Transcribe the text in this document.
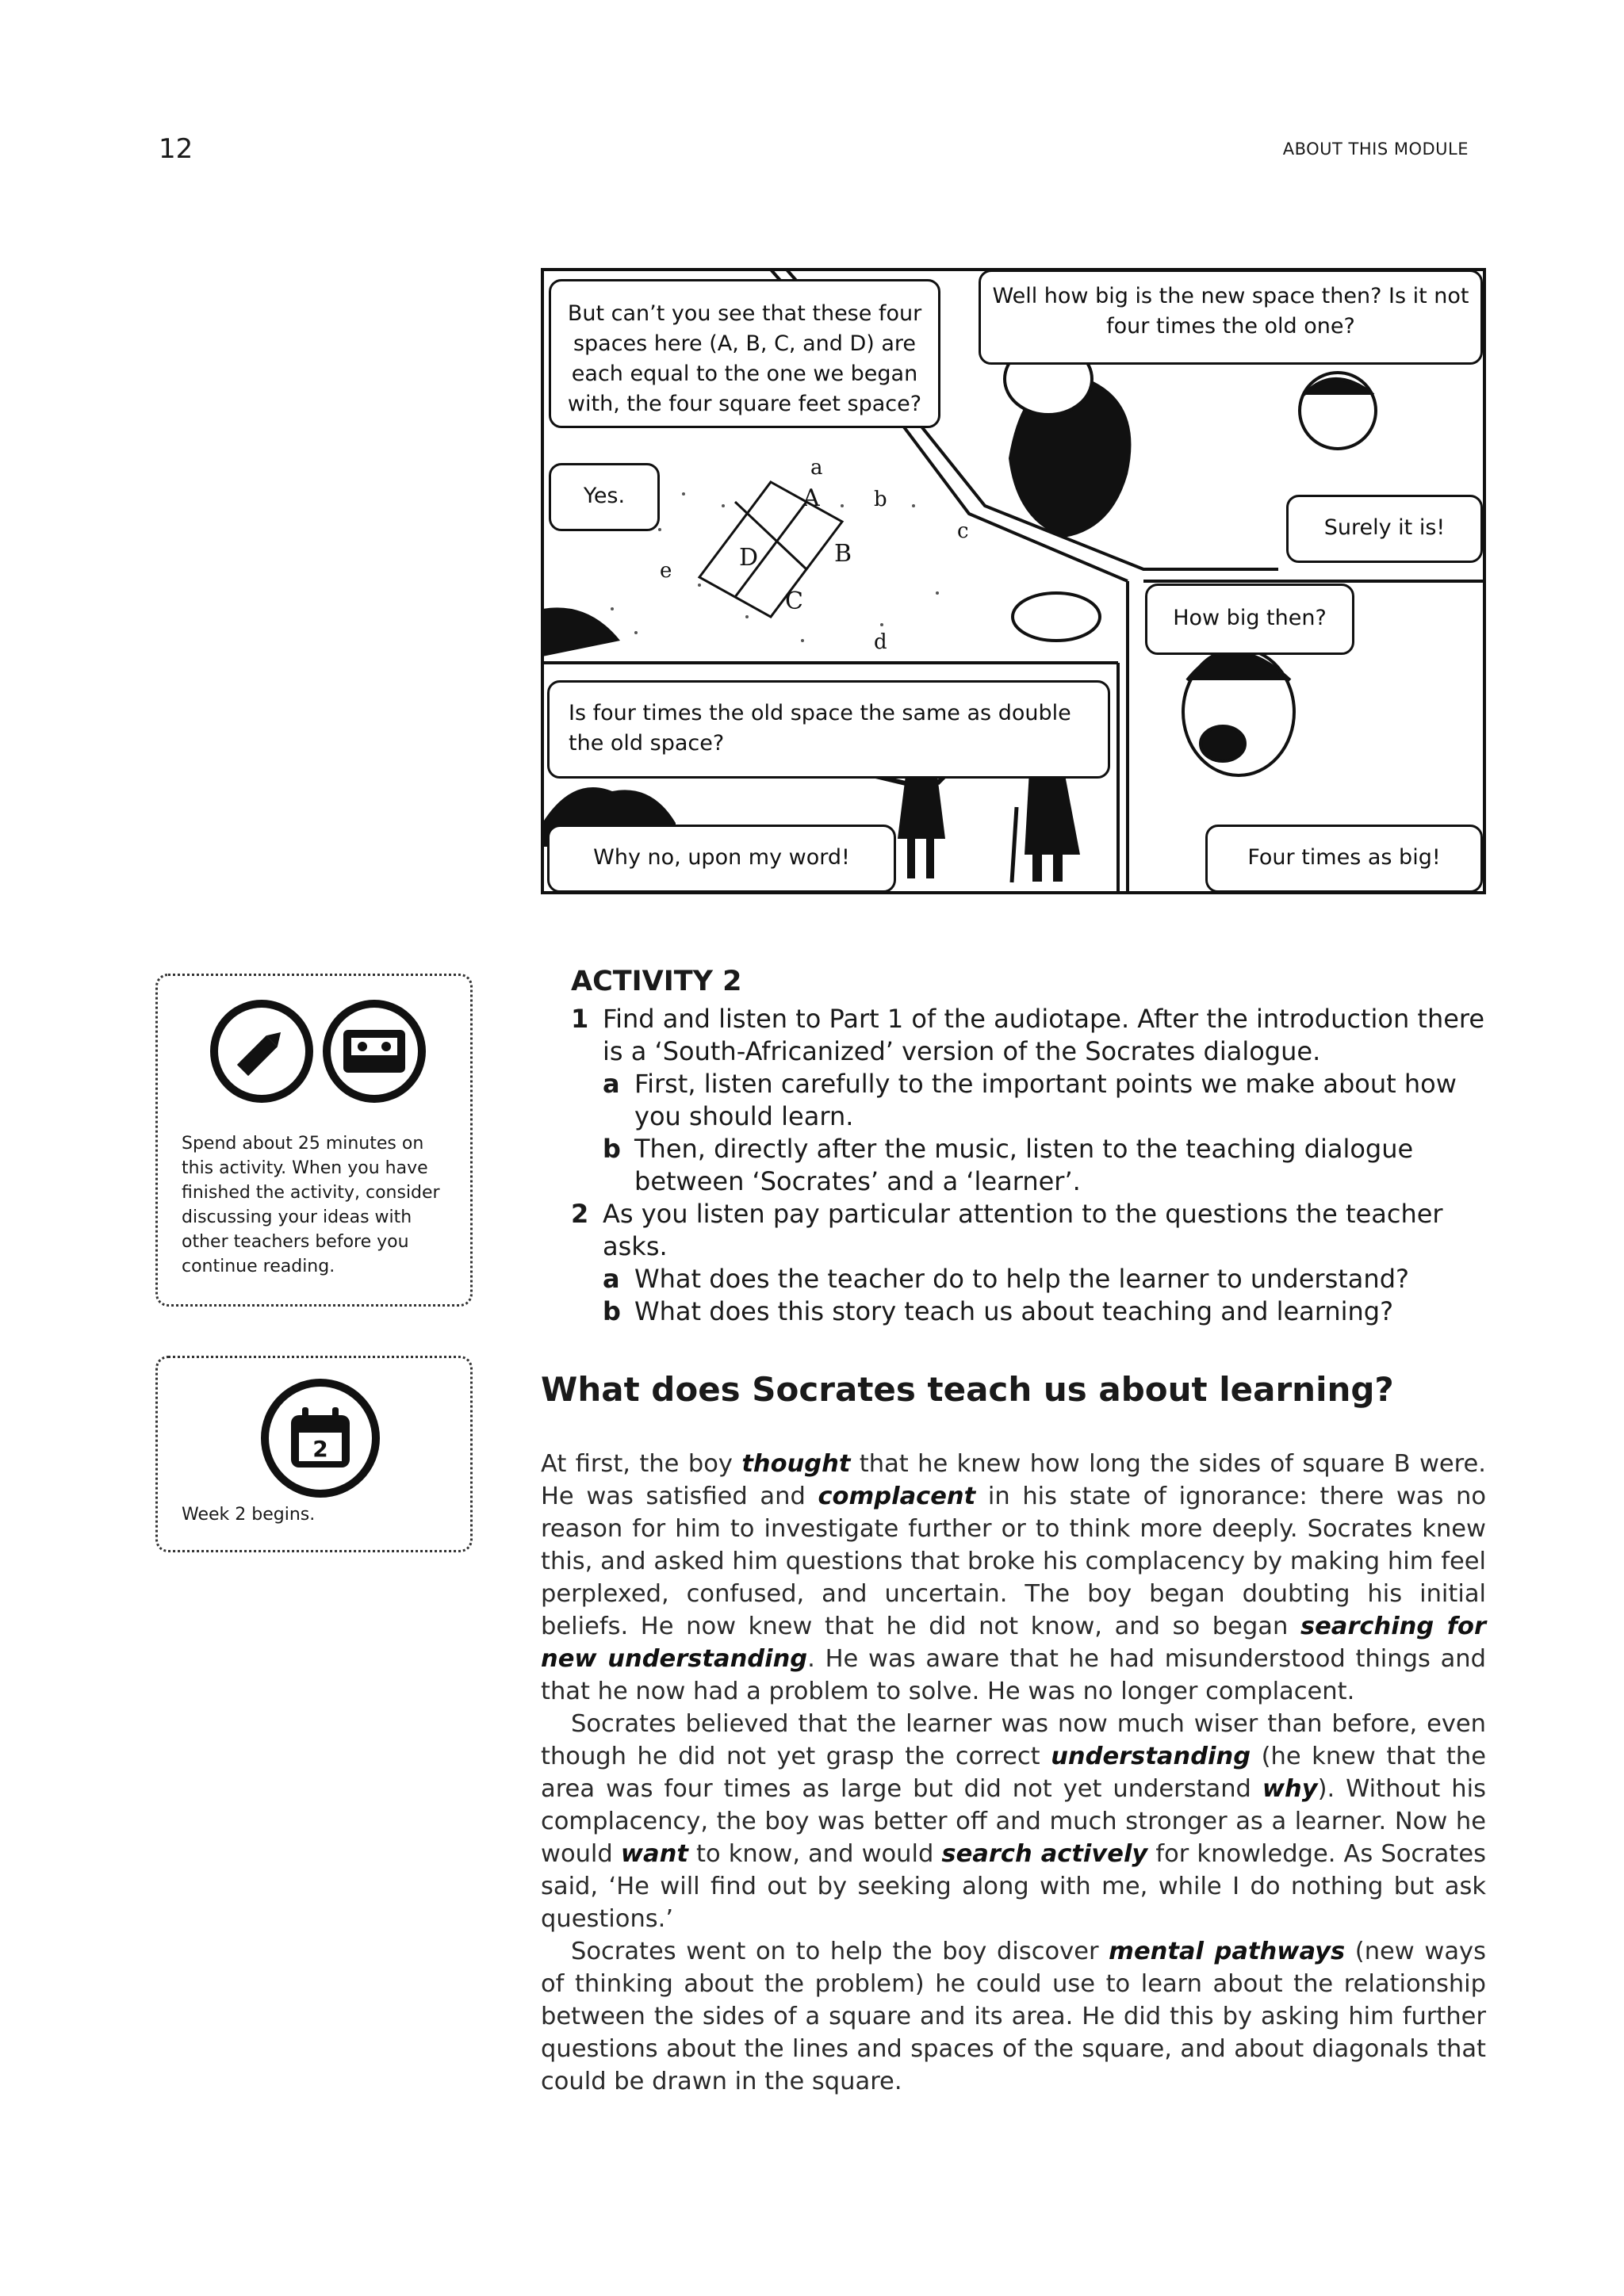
12	ABOUT THIS MODULE
A
B
C
D
a
b
c
d
e
But can’t you see that these four spaces here (A, B, C, and D) are each equal to the one we began with, the four square feet space?
Well how big is the new space then? Is it not four times the old one?
Yes.
Surely it is!
How big then?
Is four times the old space the same as double the old space?
Why no, upon my word!	Four times as big!
Spend about 25 minutes on this activity. When you have finished the activity, consider discussing your ideas with other teachers before you continue reading.
2
Week 2 begins.
ACTIVITY 2
1 Find and listen to Part 1 of the audiotape. After the introduction there is a ‘South-Africanized’ version of the Socrates dialogue.
a First, listen carefully to the important points we make about how you should learn.
b Then, directly after the music, listen to the teaching dialogue between ‘Socrates’ and a ‘learner’.
2 As you listen pay particular attention to the questions the teacher asks.
a What does the teacher do to help the learner to understand?
b What does this story teach us about teaching and learning?
What does Socrates teach us about learning?

At first, the boy thought that he knew how long the sides of square B were. He was satisfied and complacent in his state of ignorance: there was no reason for him to investigate further or to think more deeply. Socrates knew this, and asked him questions that broke his complacency by making him feel perplexed, confused, and uncertain. The boy began doubting his initial beliefs. He now knew that he did not know, and so began searching for new understanding. He was aware that he had misunderstood things and that he now had a problem to solve. He was no longer complacent.

Socrates believed that the learner was now much wiser than before, even though he did not yet grasp the correct understanding (he knew that the area was four times as large but did not yet understand why). Without his complacency, the boy was better off and much stronger as a learner. Now he would want to know, and would search actively for knowledge. As Socrates said, ‘He will find out by seeking along with me, while I do nothing but ask questions.’

Socrates went on to help the boy discover mental pathways (new ways of thinking about the problem) he could use to learn about the relationship between the sides of a square and its area. He did this by asking him further questions about the lines and spaces of the square, and about diagonals that could be drawn in the square.
